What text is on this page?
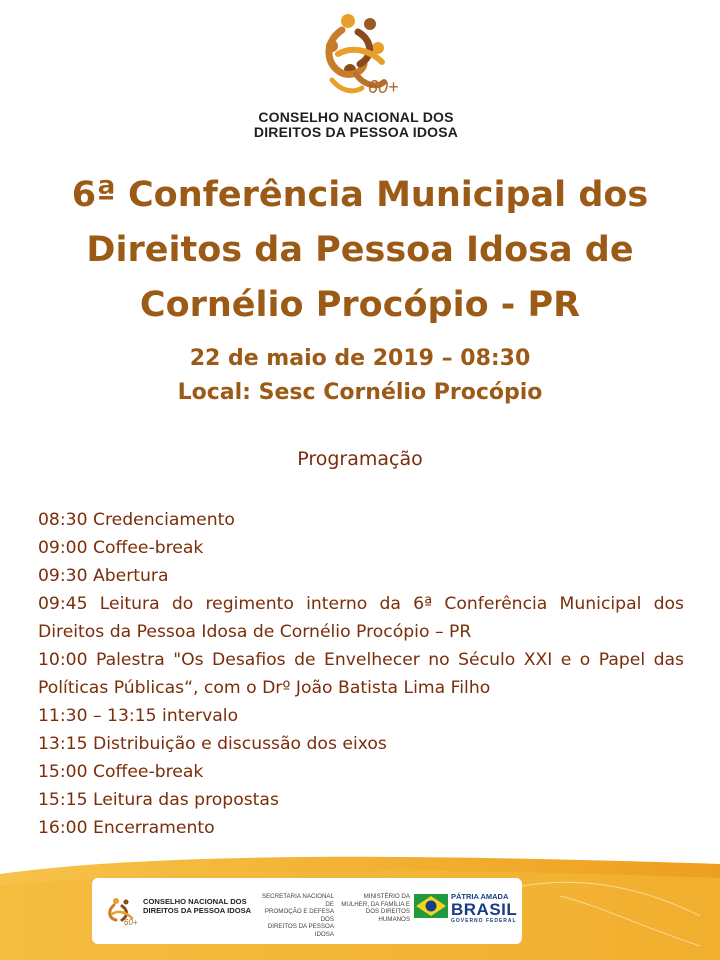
60+
CONSELHO NACIONAL DOS
DIREITOS DA PESSOA IDOSA
6ª Conferência Municipal dos
Direitos da Pessoa Idosa de
Cornélio Procópio - PR
22 de maio de 2019 – 08:30
Local: Sesc Cornélio Procópio
Programação
08:30 Credenciamento
09:00 Coffee-break
09:30 Abertura
09:45 Leitura do regimento interno da 6ª Conferência Municipal dos Direitos da Pessoa Idosa de Cornélio Procópio – PR
10:00 Palestra "Os Desafios de Envelhecer no Século XXI e o Papel das Políticas Públicas“, com o Drº João Batista Lima Filho
11:30 – 13:15 intervalo
13:15 Distribuição e discussão dos eixos
15:00 Coffee-break
15:15 Leitura das propostas
16:00 Encerramento
60+
CONSELHO NACIONAL DOS
DIREITOS DA PESSOA IDOSA
SECRETARIA NACIONAL DE
PROMOÇÃO E DEFESA DOS
DIREITOS DA PESSOA IDOSA
MINISTÉRIO DA
MULHER, DA FAMÍLIA E
DOS DIREITOS HUMANOS
PÁTRIA AMADA
BRASIL
GOVERNO FEDERAL
